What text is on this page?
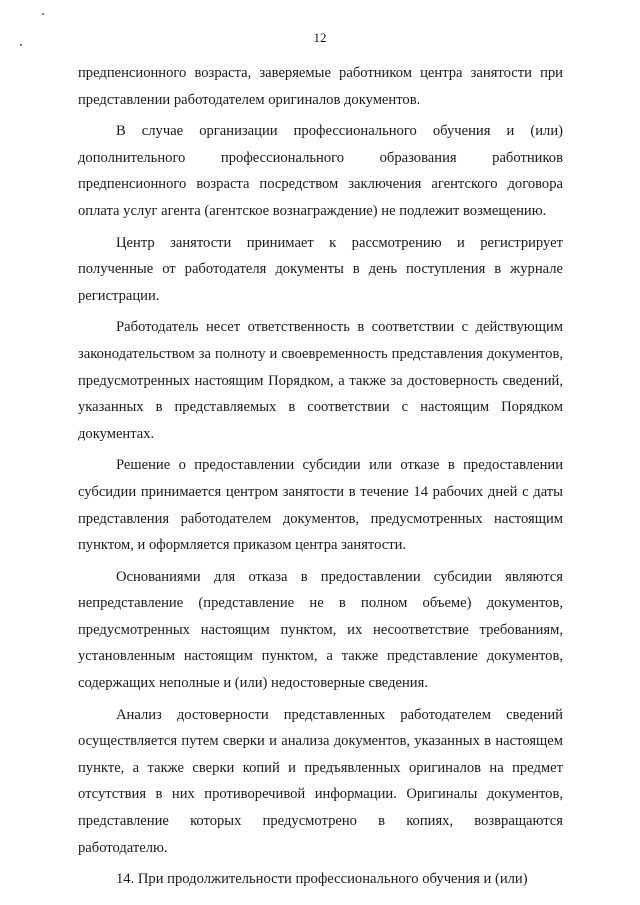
12

предпенсионного возраста, заверяемые работником центра занятости при представлении работодателем оригиналов документов.

В случае организации профессионального обучения и (или) дополнительного профессионального образования работников предпенсионного возраста посредством заключения агентского договора оплата услуг агента (агентское вознаграждение) не подлежит возмещению.

Центр занятости принимает к рассмотрению и регистрирует полученные от работодателя документы в день поступления в журнале регистрации.

Работодатель несет ответственность в соответствии с действующим законодательством за полноту и своевременность представления документов, предусмотренных настоящим Порядком, а также за достоверность сведений, указанных в представляемых в соответствии с настоящим Порядком документах.

Решение о предоставлении субсидии или отказе в предоставлении субсидии принимается центром занятости в течение 14 рабочих дней с даты представления работодателем документов, предусмотренных настоящим пунктом, и оформляется приказом центра занятости.

Основаниями для отказа в предоставлении субсидии являются непредставление (представление не в полном объеме) документов, предусмотренных настоящим пунктом, их несоответствие требованиям, установленным настоящим пунктом, а также представление документов, содержащих неполные и (или) недостоверные сведения.

Анализ достоверности представленных работодателем сведений осуществляется путем сверки и анализа документов, указанных в настоящем пункте, а также сверки копий и предъявленных оригиналов на предмет отсутствия в них противоречивой информации. Оригиналы документов, представление которых предусмотрено в копиях, возвращаются работодателю.

14. При продолжительности профессионального обучения и (или)
